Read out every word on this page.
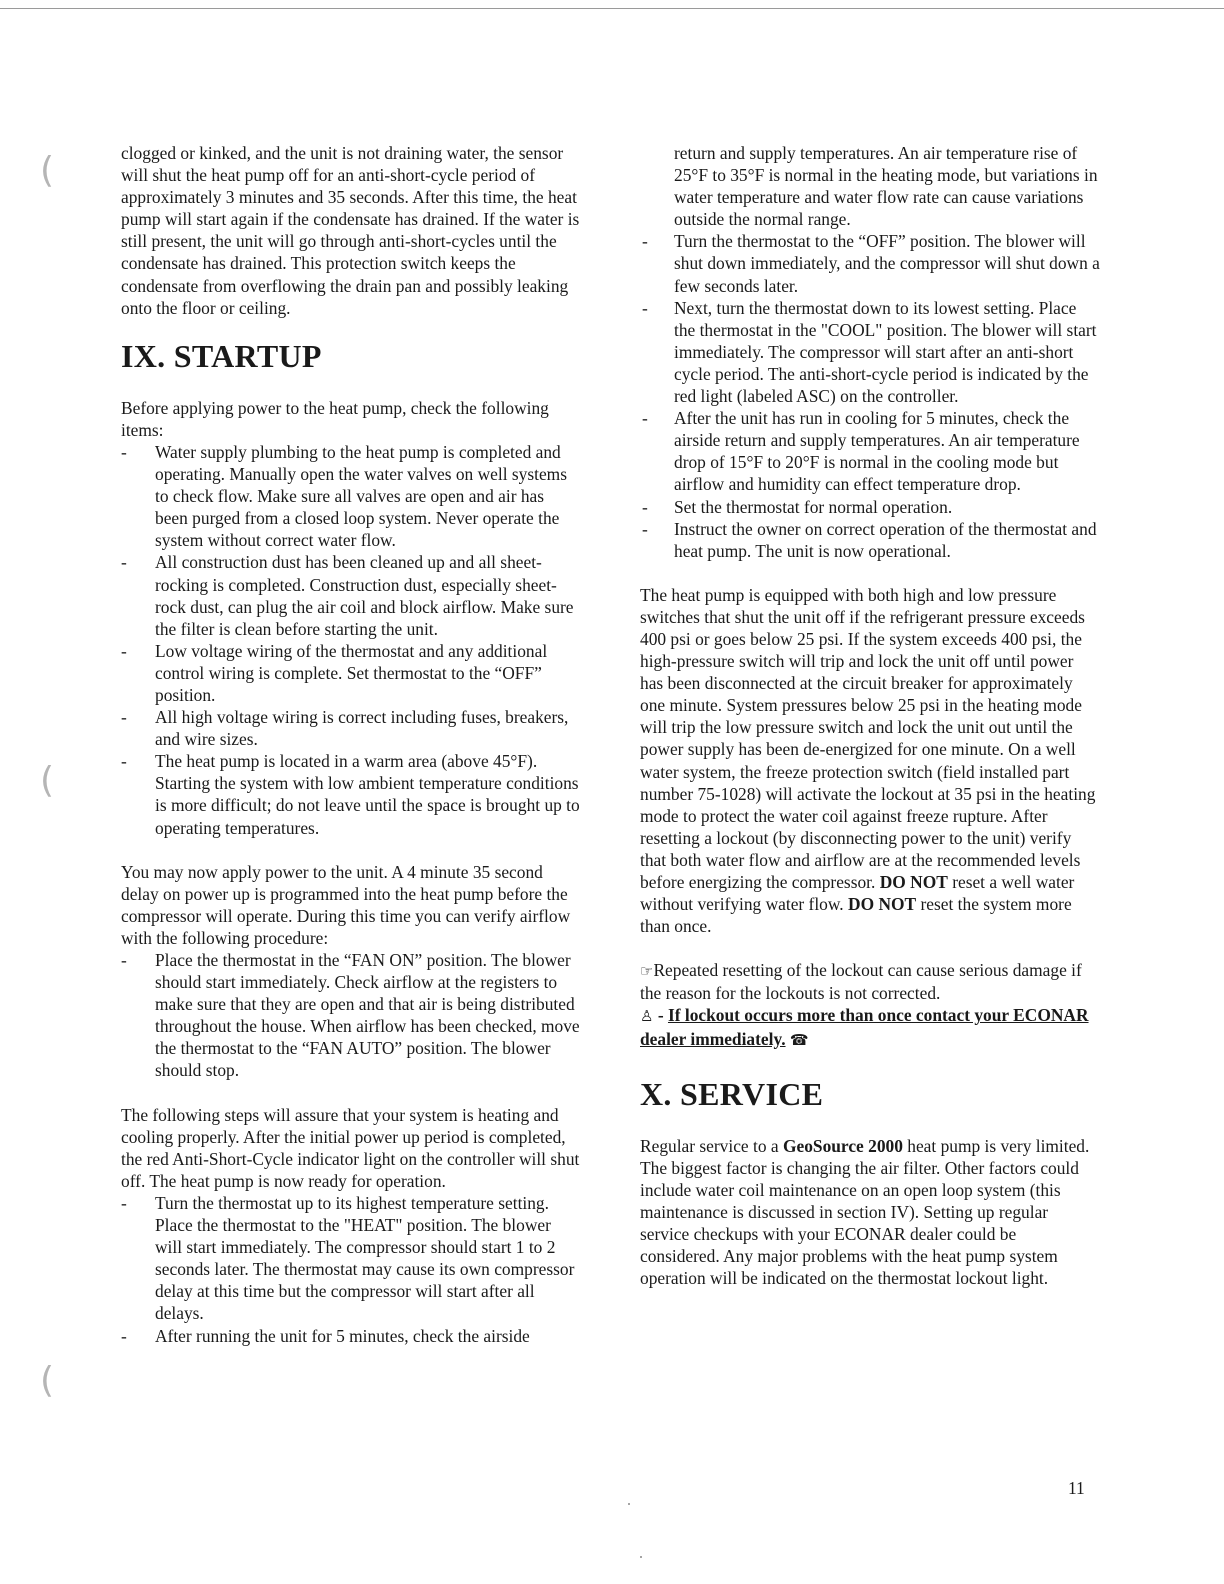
(
(
(

clogged or kinked, and the unit is not draining water, the sensor will shut the heat pump off for an anti-short-cycle period of approximately 3 minutes and 35 seconds. After this time, the heat pump will start again if the condensate has drained. If the water is still present, the unit will go through anti-short-cycles until the condensate has drained. This protection switch keeps the condensate from overflowing the drain pan and possibly leaking onto the floor or ceiling.

IX. STARTUP

Before applying power to the heat pump, check the following items:

- Water supply plumbing to the heat pump is completed and operating. Manually open the water valves on well systems to check flow. Make sure all valves are open and air has been purged from a closed loop system. Never operate the system without correct water flow.
- All construction dust has been cleaned up and all sheet-rocking is completed. Construction dust, especially sheet-rock dust, can plug the air coil and block airflow. Make sure the filter is clean before starting the unit.
- Low voltage wiring of the thermostat and any additional control wiring is complete. Set thermostat to the “OFF” position.
- All high voltage wiring is correct including fuses, breakers, and wire sizes.
- The heat pump is located in a warm area (above 45°F). Starting the system with low ambient temperature conditions is more difficult; do not leave until the space is brought up to operating temperatures.

You may now apply power to the unit. A 4 minute 35 second delay on power up is programmed into the heat pump before the compressor will operate. During this time you can verify airflow with the following procedure:

- Place the thermostat in the “FAN ON” position. The blower should start immediately. Check airflow at the registers to make sure that they are open and that air is being distributed throughout the house. When airflow has been checked, move the thermostat to the “FAN AUTO” position. The blower should stop.

The following steps will assure that your system is heating and cooling properly. After the initial power up period is completed, the red Anti-Short-Cycle indicator light on the controller will shut off. The heat pump is now ready for operation.

- Turn the thermostat up to its highest temperature setting. Place the thermostat to the "HEAT" position. The blower will start immediately. The compressor should start 1 to 2 seconds later. The thermostat may cause its own compressor delay at this time but the compressor will start after all delays.
- After running the unit for 5 minutes, check the airside
return and supply temperatures. An air temperature rise of 25°F to 35°F is normal in the heating mode, but variations in water temperature and water flow rate can cause variations outside the normal range.
- Turn the thermostat to the “OFF” position. The blower will shut down immediately, and the compressor will shut down a few seconds later.
- Next, turn the thermostat down to its lowest setting. Place the thermostat in the "COOL" position. The blower will start immediately. The compressor will start after an anti-short cycle period. The anti-short-cycle period is indicated by the red light (labeled ASC) on the controller.
- After the unit has run in cooling for 5 minutes, check the airside return and supply temperatures. An air temperature drop of 15°F to 20°F is normal in the cooling mode but airflow and humidity can effect temperature drop.
- Set the thermostat for normal operation.
- Instruct the owner on correct operation of the thermostat and heat pump. The unit is now operational.

The heat pump is equipped with both high and low pressure switches that shut the unit off if the refrigerant pressure exceeds 400 psi or goes below 25 psi. If the system exceeds 400 psi, the high-pressure switch will trip and lock the unit off until power has been disconnected at the circuit breaker for approximately one minute. System pressures below 25 psi in the heating mode will trip the low pressure switch and lock the unit out until the power supply has been de-energized for one minute. On a well water system, the freeze protection switch (field installed part number 75-1028) will activate the lockout at 35 psi in the heating mode to protect the water coil against freeze rupture. After resetting a lockout (by disconnecting power to the unit) verify that both water flow and airflow are at the recommended levels before energizing the compressor. DO NOT reset a well water without verifying water flow. DO NOT reset the system more than once.

☞Repeated resetting of the lockout can cause serious damage if the reason for the lockouts is not corrected.

♙ - If lockout occurs more than once contact your ECONAR dealer immediately. ☎

X. SERVICE

Regular service to a GeoSource 2000 heat pump is very limited. The biggest factor is changing the air filter. Other factors could include water coil maintenance on an open loop system (this maintenance is discussed in section IV). Setting up regular service checkups with your ECONAR dealer could be considered. Any major problems with the heat pump system operation will be indicated on the thermostat lockout light.

11
